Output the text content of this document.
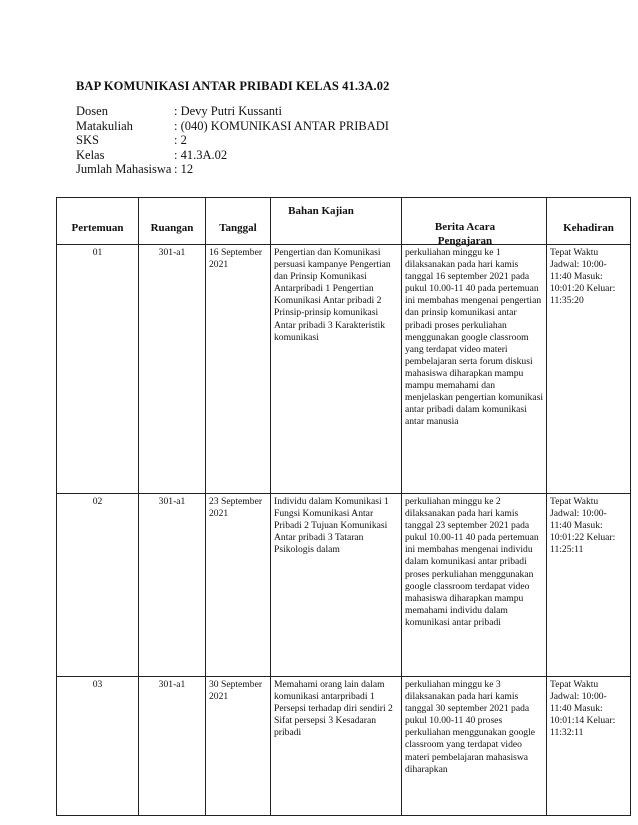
BAP KOMUNIKASI ANTAR PRIBADI KELAS 41.3A.02
Dosen	: Devy Putri Kussanti
Matakuliah	: (040) KOMUNIKASI ANTAR PRIBADI
SKS	: 2
Kelas	: 41.3A.02
Jumlah Mahasiswa : 12
Pertemuan	Ruangan	Tanggal	Bahan Kajian	Berita Acara Pengajaran	Kehadiran

01	301-a1	16 September 2021	Pengertian dan Komunikasi persuasi kampanye Pengertian dan Prinsip Komunikasi Antarpribadi 1 Pengertian Komunikasi Antar pribadi 2 Prinsip-prinsip komunikasi Antar pribadi 3 Karakteristik komunikasi	perkuliahan minggu ke 1 dilaksanakan pada hari kamis tanggal 16 september 2021 pada pukul 10.00-11 40 pada pertemuan ini membahas mengenai pengertian dan prinsip komunikasi antar pribadi proses perkuliahan menggunakan google classroom yang terdapat video materi pembelajaran serta forum diskusi mahasiswa diharapkan mampu mampu memahami dan menjelaskan pengertian komunikasi antar pribadi dalam komunikasi antar manusia	Tepat Waktu Jadwal: 10:00-11:40 Masuk: 10:01:20 Keluar: 11:35:20
02	301-a1	23 September 2021	Individu dalam Komunikasi 1 Fungsi Komunikasi Antar Pribadi 2 Tujuan Komunikasi Antar pribadi 3 Tataran Psikologis dalam	perkuliahan minggu ke 2 dilaksanakan pada hari kamis tanggal 23 september 2021 pada pukul 10.00-11 40 pada pertemuan ini membahas mengenai individu dalam komunikasi antar pribadi proses perkuliahan menggunakan google classroom terdapat video mahasiswa diharapkan mampu memahami individu dalam komunikasi antar pribadi	Tepat Waktu Jadwal: 10:00-11:40 Masuk: 10:01:22 Keluar: 11:25:11
03	301-a1	30 September 2021	Memahami orang lain dalam komunikasi antarpribadi 1 Persepsi terhadap diri sendiri 2 Sifat persepsi 3 Kesadaran pribadi	perkuliahan minggu ke 3 dilaksanakan pada hari kamis tanggal 30 september 2021 pada pukul 10.00-11 40 proses perkuliahan menggunakan google classroom yang terdapat video materi pembelajaran mahasiswa diharapkan	Tepat Waktu Jadwal: 10:00-11:40 Masuk: 10:01:14 Keluar: 11:32:11
